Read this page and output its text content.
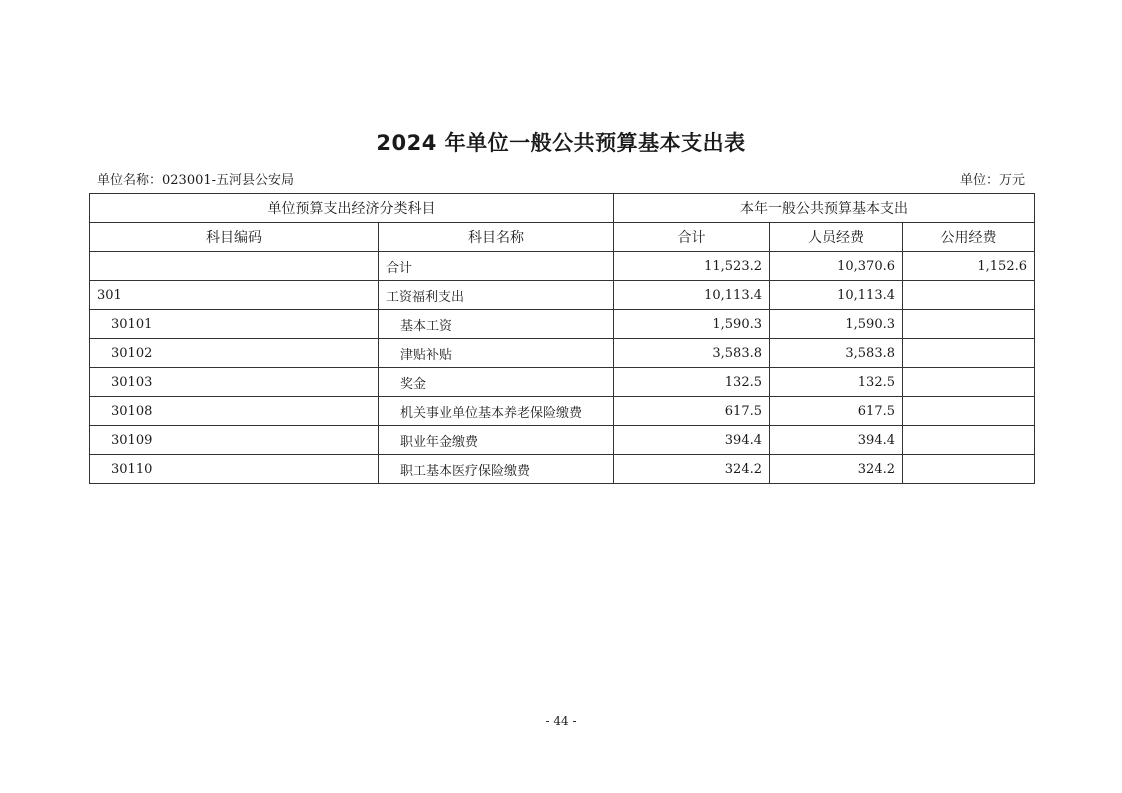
2024 年单位一般公共预算基本支出表
单位名称：023001-五河县公安局	单位：万元
单位预算支出经济分类科目		本年一般公共预算基本支出		
科目编码	科目名称	合计	人员经费	公用经费
	合计	11,523.2	10,370.6	1,152.6
301	工资福利支出	10,113.4	10,113.4	
30101	基本工资	1,590.3	1,590.3	
30102	津贴补贴	3,583.8	3,583.8	
30103	奖金	132.5	132.5	
30108	机关事业单位基本养老保险缴费	617.5	617.5	
30109	职业年金缴费	394.4	394.4	
30110	职工基本医疗保险缴费	324.2	324.2	
- 44 -
